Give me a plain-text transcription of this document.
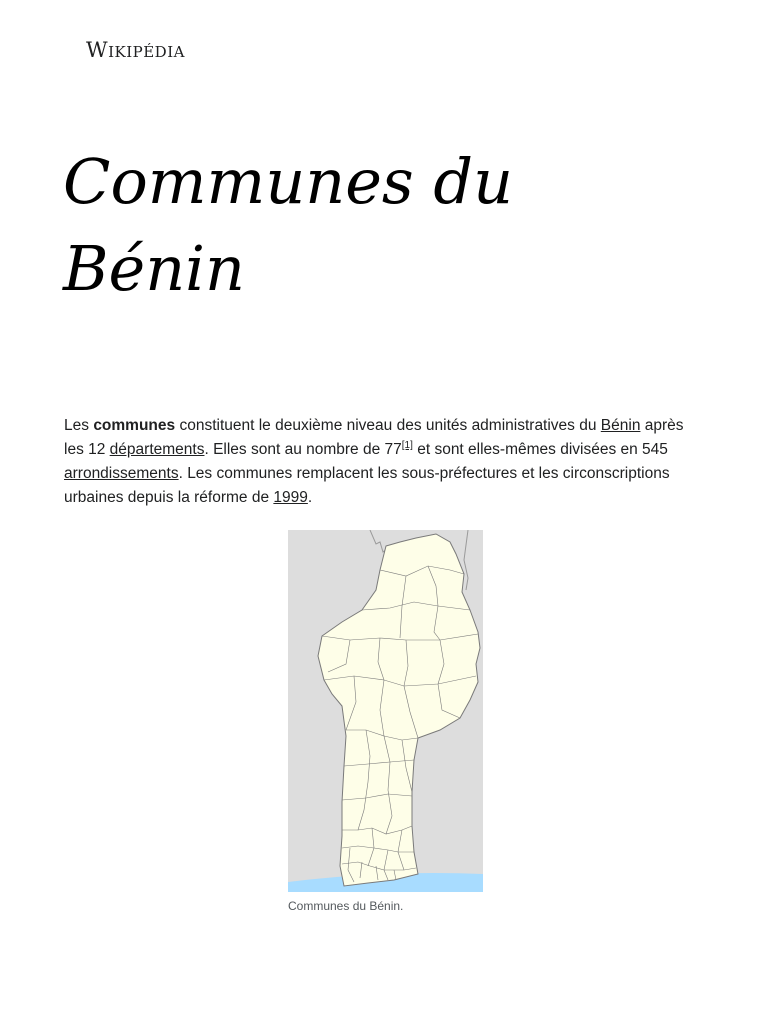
Wikipédia
Communes du Bénin

Les communes constituent le deuxième niveau des unités administratives du Bénin après les 12 départements. Elles sont au nombre de 77[1] et sont elles-mêmes divisées en 545 arrondissements. Les communes remplacent les sous-préfectures et les circonscriptions urbaines depuis la réforme de 1999.

Communes du Bénin.
